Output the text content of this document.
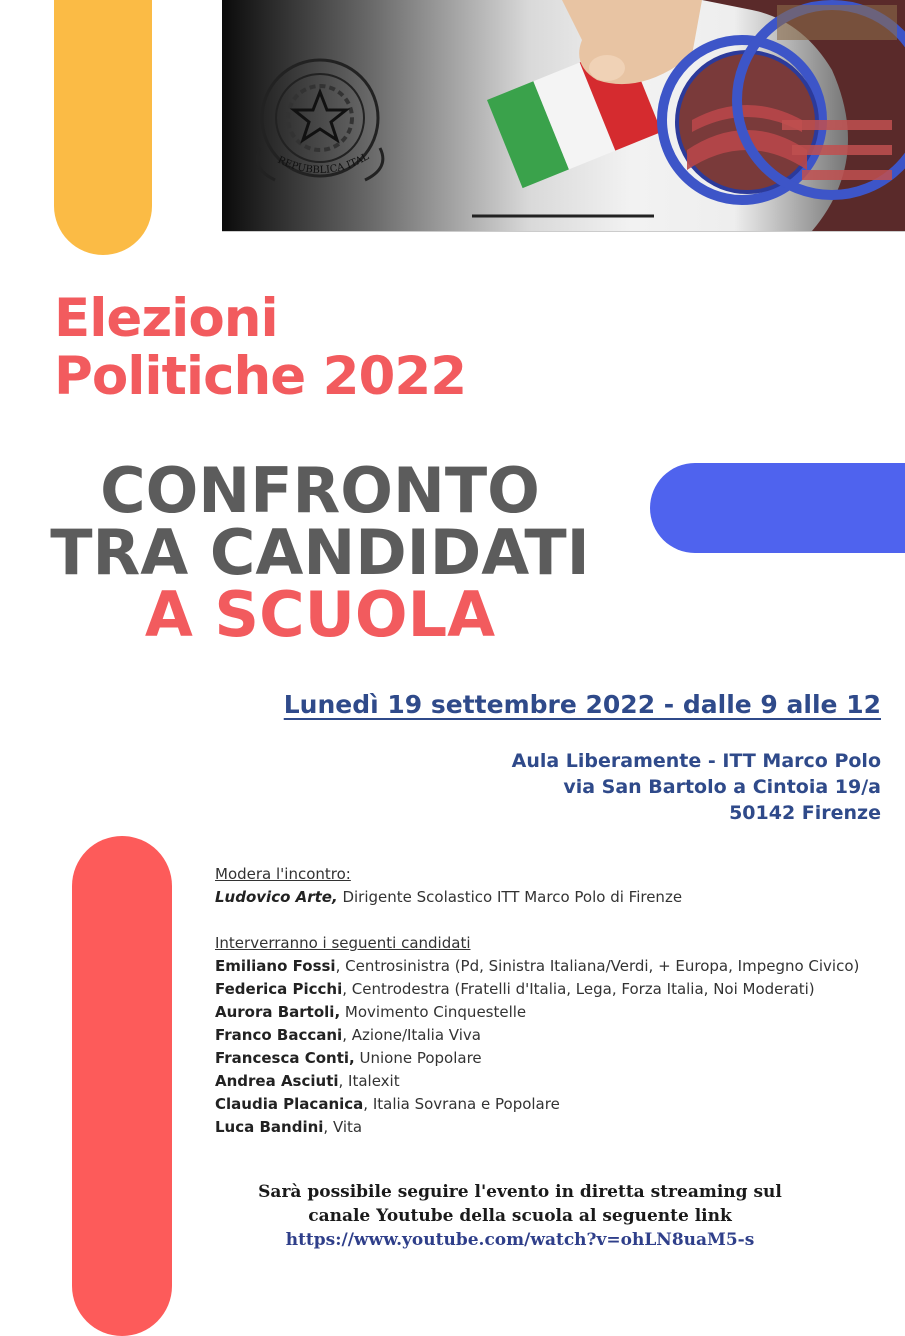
REPUBBLICA ITALIANA
Elezioni
Politiche 2022
CONFRONTO
TRA CANDIDATI
A SCUOLA
Lunedì 19 settembre 2022 - dalle 9 alle 12
Aula Liberamente - ITT Marco Polo
via San Bartolo a Cintoia 19/a
50142 Firenze
Modera l'incontro:
Ludovico Arte, Dirigente Scolastico ITT Marco Polo di Firenze
Interverranno i seguenti candidati
Emiliano Fossi, Centrosinistra (Pd, Sinistra Italiana/Verdi, + Europa, Impegno Civico)
Federica Picchi, Centrodestra (Fratelli d'Italia, Lega, Forza Italia, Noi Moderati)
Aurora Bartoli, Movimento Cinquestelle
Franco Baccani, Azione/Italia Viva
Francesca Conti, Unione Popolare
Andrea Asciuti, Italexit
Claudia Placanica, Italia Sovrana e Popolare
Luca Bandini, Vita
Sarà possibile seguire l'evento in diretta streaming sul
canale Youtube della scuola al seguente link
https://www.youtube.com/watch?v=ohLN8uaM5-s
